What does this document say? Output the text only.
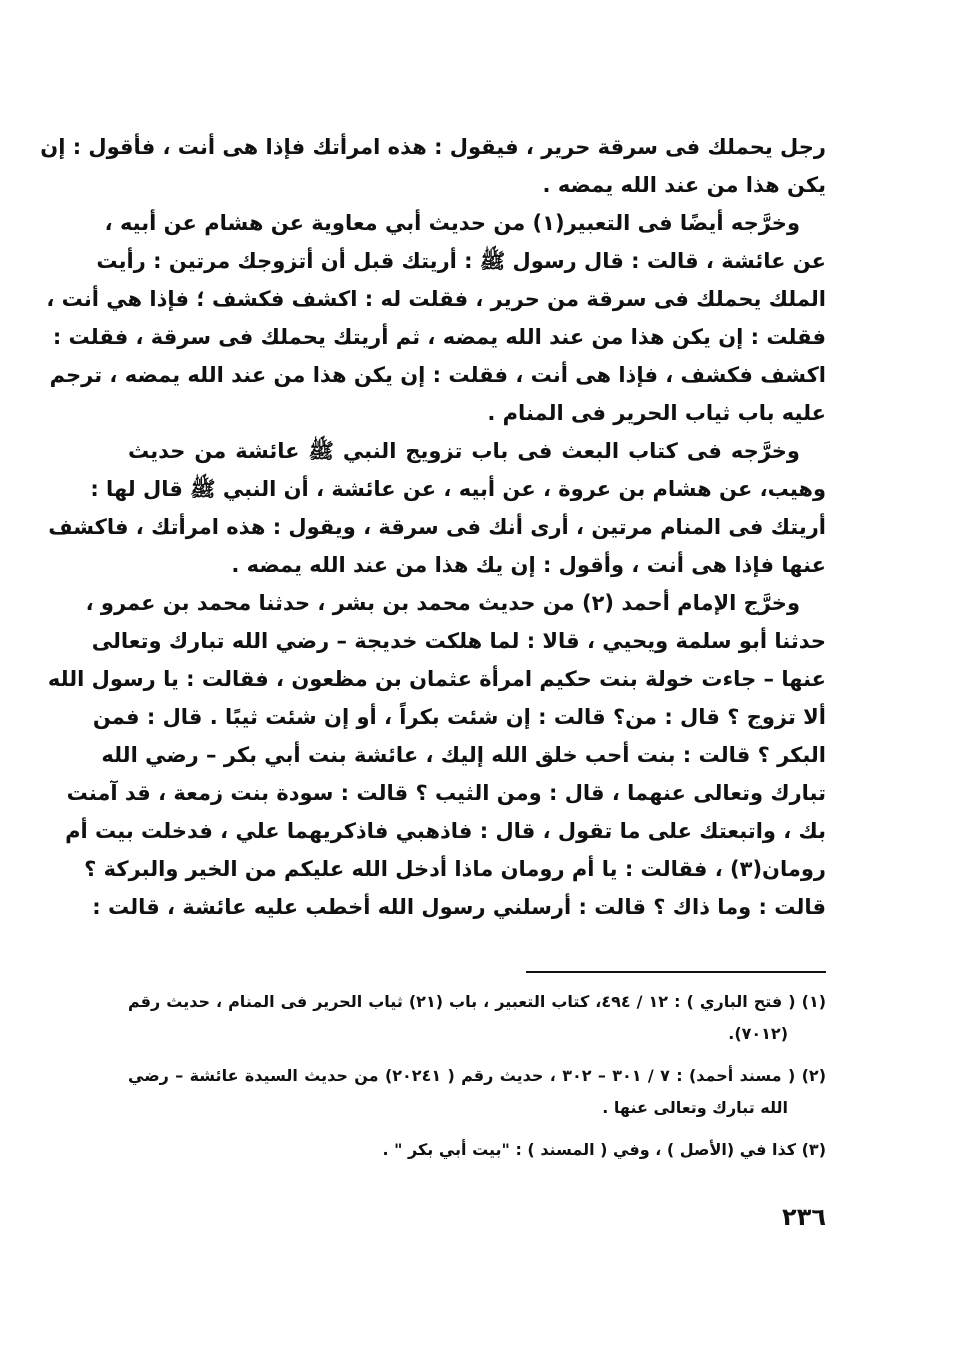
رجل يحملك فى سرقة حرير ، فيقول : هذه امرأتك فإذا هى أنت ، فأقول : إن
يكن هذا من عند الله يمضه .
وخرَّجه أيضًا فى التعبير(١) من حديث أبي معاوية عن هشام عن أبيه ،
عن عائشة ، قالت : قال رسول ﷺ : أريتك قبل أن أتزوجك مرتين : رأيت
الملك يحملك فى سرقة من حرير ، فقلت له : اكشف فكشف ؛ فإذا هي أنت ،
فقلت : إن يكن هذا من عند الله يمضه ، ثم أريتك يحملك فى سرقة ، فقلت :
اكشف فكشف ، فإذا هى أنت ، فقلت : إن يكن هذا من عند الله يمضه ، ترجم
عليه باب ثياب الحرير فى المنام .
وخرَّجه فى كتاب البعث فى باب تزويج النبي ﷺ عائشة من حديث
وهيب، عن هشام بن عروة ، عن أبيه ، عن عائشة ، أن النبي ﷺ قال لها :
أريتك فى المنام مرتين ، أرى أنك فى سرقة ، ويقول : هذه امرأتك ، فاكشف
عنها فإذا هى أنت ، وأقول : إن يك هذا من عند الله يمضه .
وخرَّج الإمام أحمد (٢) من حديث محمد بن بشر ، حدثنا محمد بن عمرو ،
حدثنا أبو سلمة ويحيي ، قالا : لما هلكت خديجة – رضي الله تبارك وتعالى
عنها – جاءت خولة بنت حكيم امرأة عثمان بن مظعون ، فقالت : يا رسول الله
ألا تزوج ؟ قال : من؟ قالت : إن شئت بكراً ، أو إن شئت ثيبًا . قال : فمن
البكر ؟ قالت : بنت أحب خلق الله إليك ، عائشة بنت أبي بكر – رضي الله
تبارك وتعالى عنهما ، قال : ومن الثيب ؟ قالت : سودة بنت زمعة ، قد آمنت
بك ، واتبعتك على ما تقول ، قال : فاذهبي فاذكريهما علي ، فدخلت بيت أم
رومان(٣) ، فقالت : يا أم رومان ماذا أدخل الله عليكم من الخير والبركة ؟
قالت : وما ذاك ؟ قالت : أرسلني رسول الله أخطب عليه عائشة ، قالت :
(١) ( فتح الباري ) : ١٢ / ٤٩٤، كتاب التعبير ، باب (٢١) ثياب الحرير فى المنام ، حديث رقم
(٧٠١٢).
(٢) ( مسند أحمد) : ٧ / ٣٠١ – ٣٠٢ ، حديث رقم ( ٢٠٢٤١) من حديث السيدة عائشة – رضي
الله تبارك وتعالى عنها .
(٣) كذا في (الأصل ) ، وفي ( المسند ) : "بيت أبي بكر " .
٢٣٦
